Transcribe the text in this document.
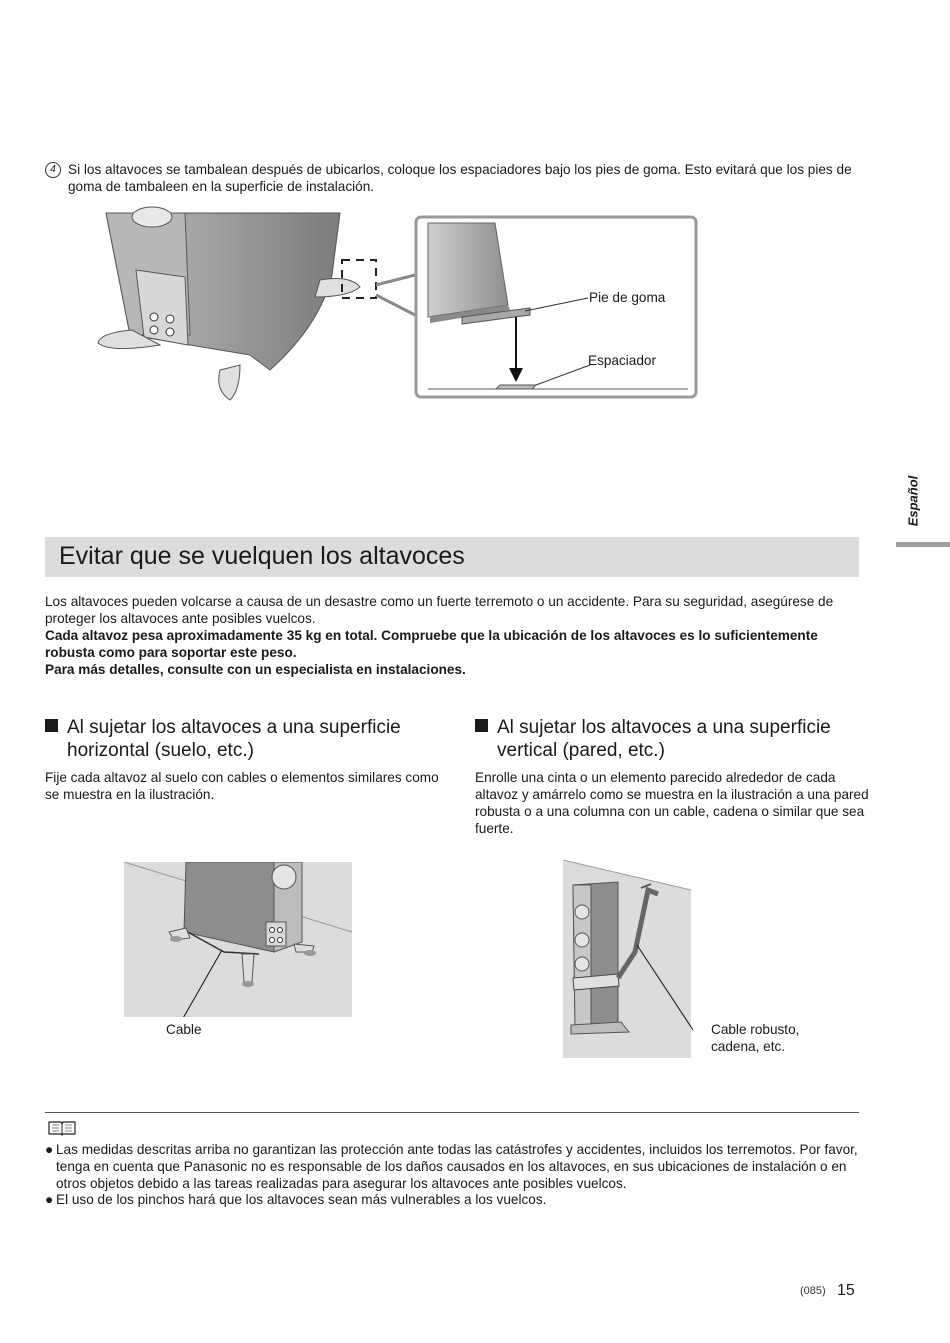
4 Si los altavoces se tambalean después de ubicarlos, coloque los espaciadores bajo los pies de goma. Esto evitará que los pies de goma de tambaleen en la superficie de instalación.

Pie de goma
Espaciador
Español
Evitar que se vuelquen los altavoces

Los altavoces pueden volcarse a causa de un desastre como un fuerte terremoto o un accidente. Para su seguridad, asegúrese de proteger los altavoces ante posibles vuelcos.

Cada altavoz pesa aproximadamente 35 kg en total. Compruebe que la ubicación de los altavoces es lo suficientemente robusta como para soportar este peso.

Para más detalles, consulte con un especialista en instalaciones.

Al sujetar los altavoces a una superficie
horizontal (suelo, etc.)

Fije cada altavoz al suelo con cables o elementos similares como se muestra en la ilustración.

Al sujetar los altavoces a una superficie
vertical (pared, etc.)

Enrolle una cinta o un elemento parecido alrededor de cada altavoz y amárrelo como se muestra en la ilustración a una pared robusta o a una columna con un cable, cadena o similar que sea fuerte.

Cable	Cable robusto,
cadena, etc.
● Las medidas descritas arriba no garantizan las protección ante todas las catástrofes y accidentes, incluidos los terremotos. Por favor, tenga en cuenta que Panasonic no es responsable de los daños causados en los altavoces, en sus ubicaciones de instalación o en otros objetos debido a las tareas realizadas para asegurar los altavoces ante posibles vuelcos.
● El uso de los pinchos hará que los altavoces sean más vulnerables a los vuelcos.
(085) 15
